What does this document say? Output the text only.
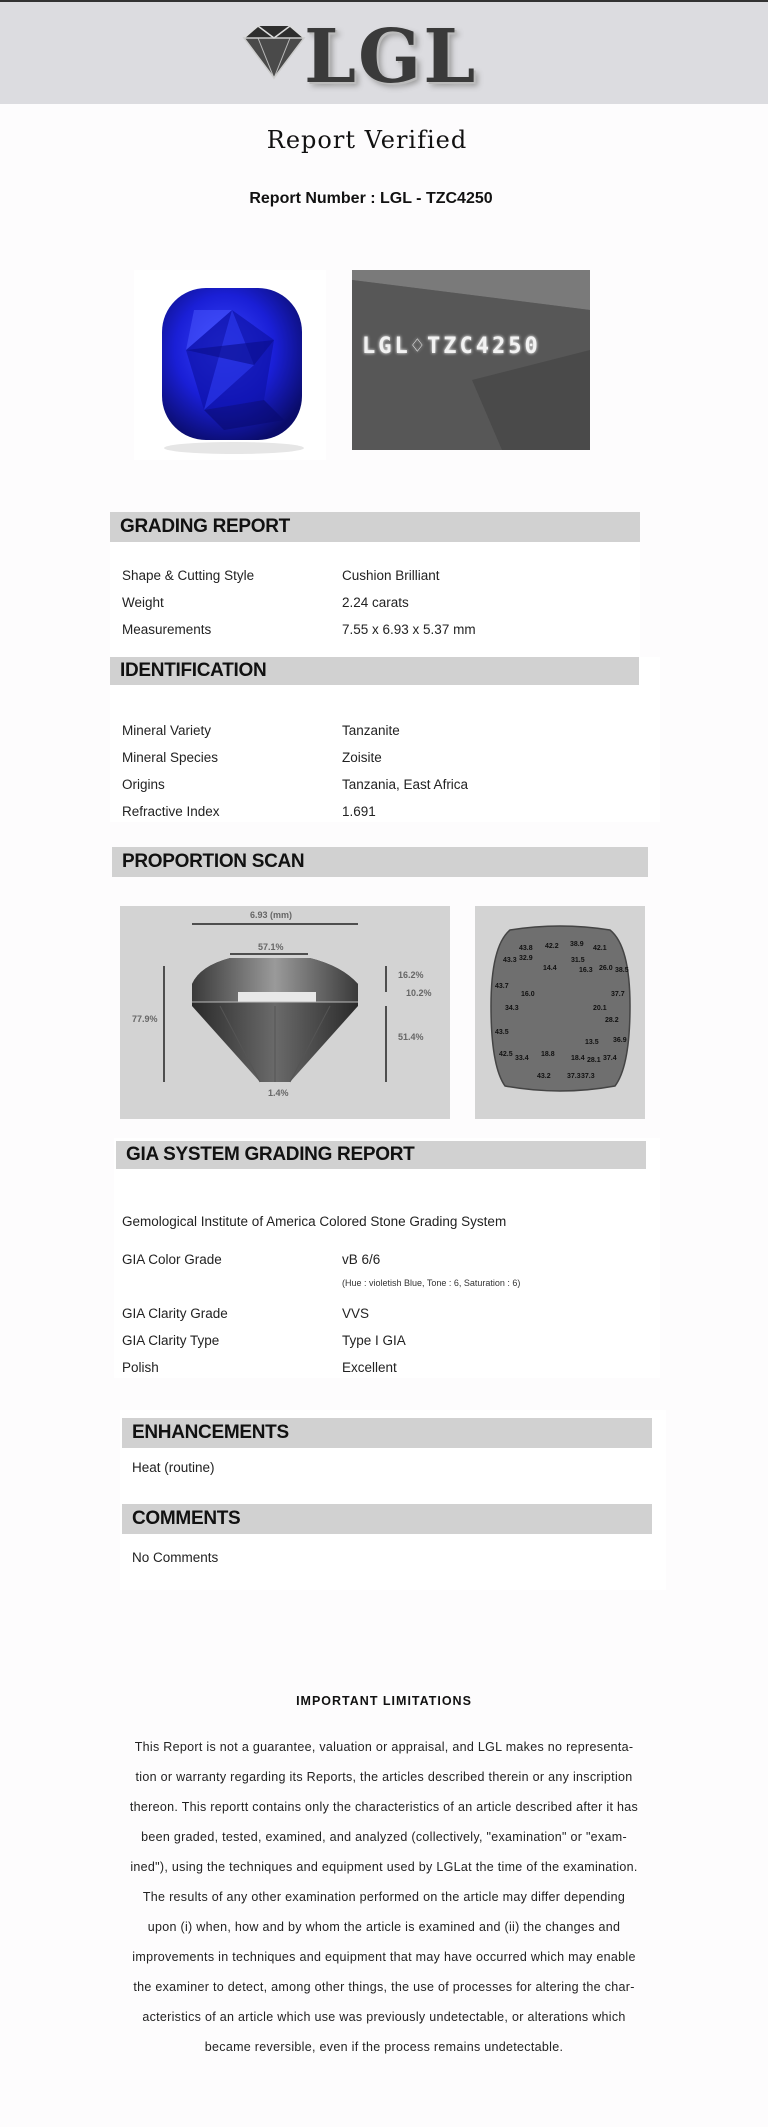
LGL
Report Verified
Report Number : LGL - TZC4250
LGL♢TZC4250
GRADING REPORT
Shape & Cutting Style	Cushion Brilliant
Weight	2.24 carats
Measurements	7.55 x 6.93 x 5.37 mm
IDENTIFICATION
Mineral Variety	Tanzanite
Mineral Species	Zoisite
Origins	Tanzania, East Africa
Refractive Index	1.691
PROPORTION SCAN
6.93 (mm)
57.1%
77.9%
16.2%
10.2%
51.4%
1.4%
43.8 42.2 38.9
42.1
31.5
43.3 32.9
14.4	16.3 26.0 38.5
43.7
16.0	37.7
34.3	20.1
28.2
43.5
13.5 36.9
42.5
33.4
18.8
18.4 28.1 37.4
43.2 37.3 37.3
GIA SYSTEM GRADING REPORT
Gemological Institute of America Colored Stone Grading System
GIA Color Grade	vB 6/6
(Hue : violetish Blue, Tone : 6, Saturation : 6)
GIA Clarity Grade	VVS
GIA Clarity Type	Type I GIA
Polish	Excellent
ENHANCEMENTS
Heat (routine)
COMMENTS
No Comments
IMPORTANT LIMITATIONS
This Report is not a guarantee, valuation or appraisal, and LGL makes no representa-
tion or warranty regarding its Reports, the articles described therein or any inscription
thereon. This reportt contains only the characteristics of an article described after it has
been graded, tested, examined, and analyzed (collectively, "examination" or "exam-
ined"), using the techniques and equipment used by LGLat the time of the examination.
The results of any other examination performed on the article may differ depending
upon (i) when, how and by whom the article is examined and (ii) the changes and
improvements in techniques and equipment that may have occurred which may enable
the examiner to detect, among other things, the use of processes for altering the char-
acteristics of an article which use was previously undetectable, or alterations which
became reversible, even if the process remains undetectable.
